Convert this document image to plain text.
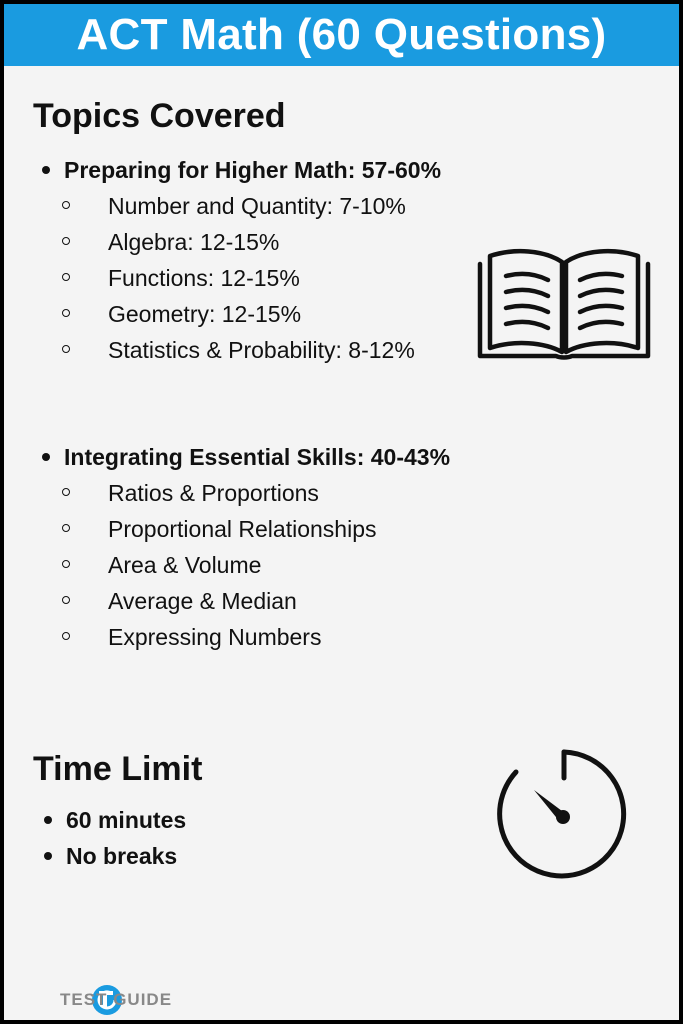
ACT Math (60 Questions)
Topics Covered
Preparing for Higher Math: 57-60%
Number and Quantity: 7-10%
Algebra: 12-15%
Functions: 12-15%
Geometry: 12-15%
Statistics & Probability: 8-12%
Integrating Essential Skills: 40-43%
Ratios & Proportions
Proportional Relationships
Area & Volume
Average & Median
Expressing Numbers
Time Limit
60 minutes
No breaks
TEST-GUIDE
